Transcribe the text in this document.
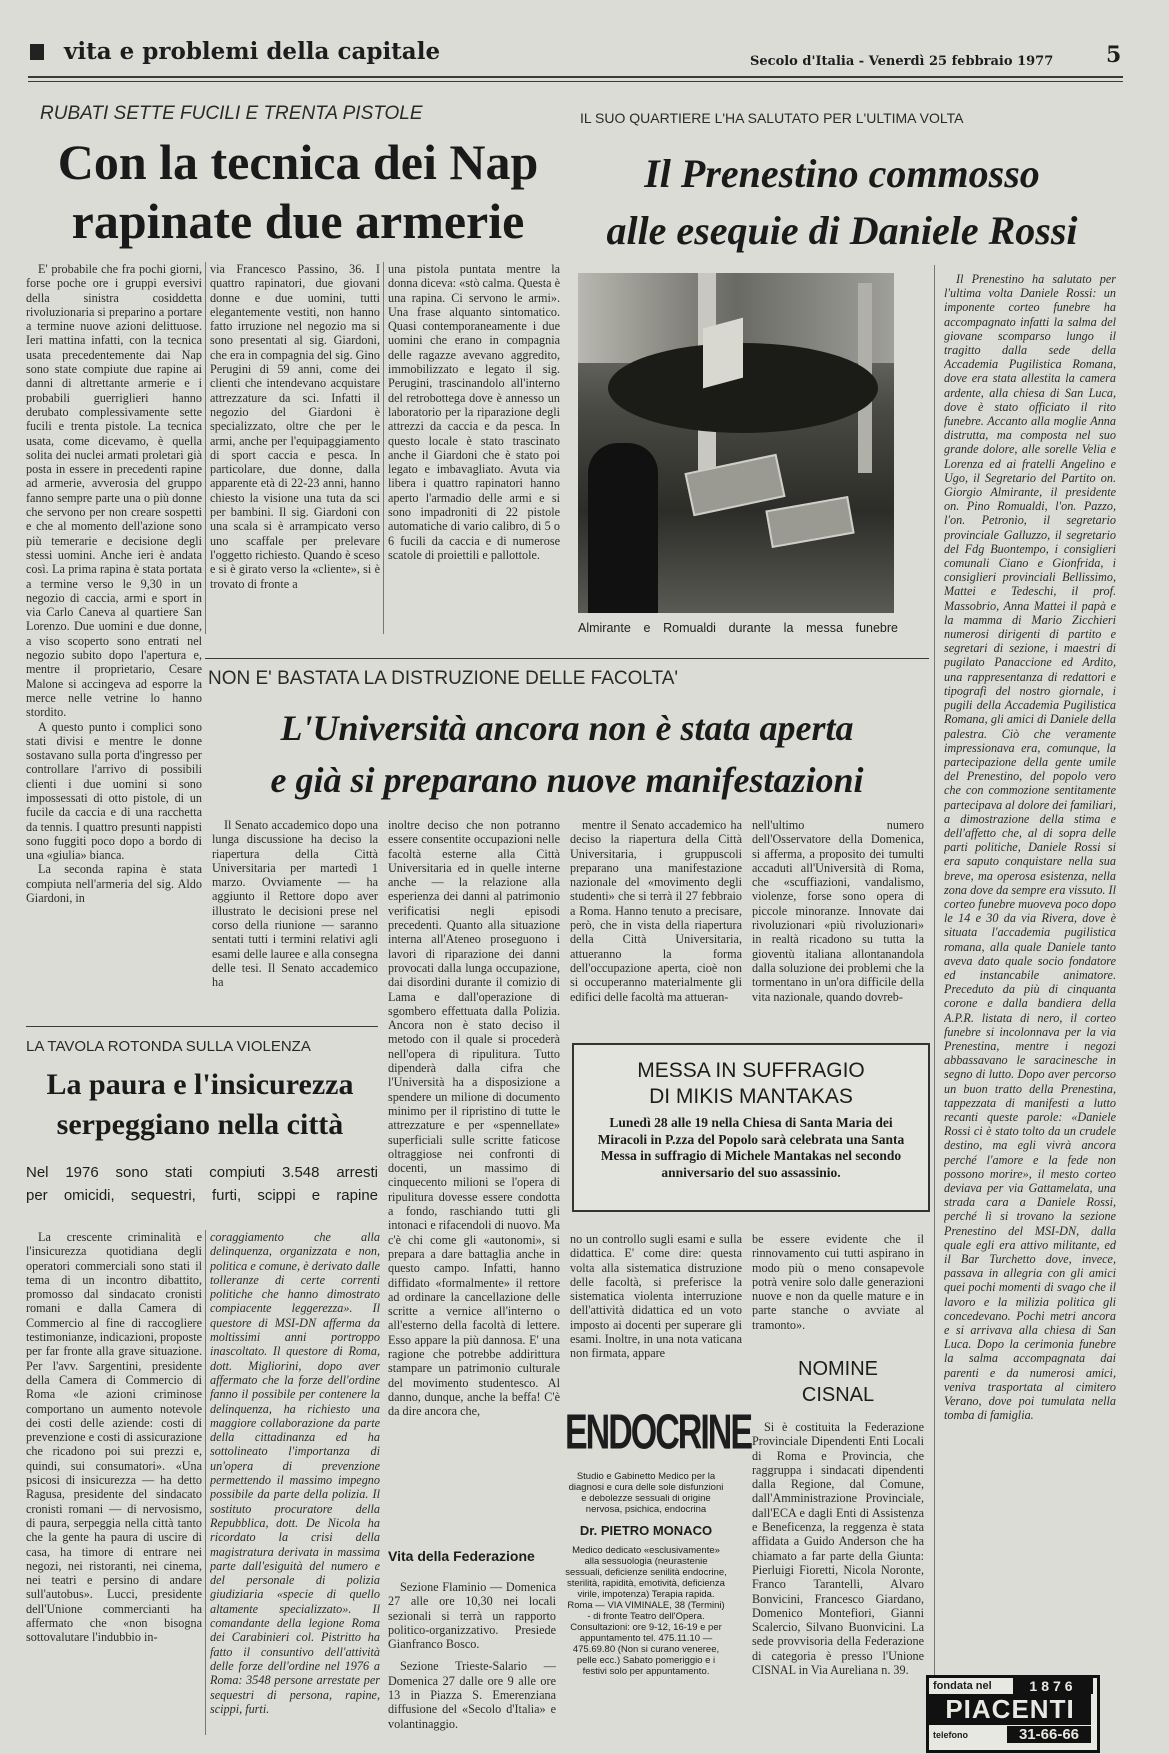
vita e problemi della capitale	Secolo d'Italia - Venerdì 25 febbraio 1977 5
RUBATI SETTE FUCILI E TRENTA PISTOLE
Con la tecnica dei Nap
rapinate due armerie

E' probabile che fra pochi giorni, forse poche ore i gruppi eversivi della sinistra cosiddetta rivoluzionaria si preparino a portare a termine nuove azioni delittuose. Ieri mattina infatti, con la tecnica usata precedentemente dai Nap sono state compiute due rapine ai danni di altrettante armerie e i probabili guerriglieri hanno derubato complessivamente sette fucili e trenta pistole. La tecnica usata, come dicevamo, è quella solita dei nuclei armati proletari già posta in essere in precedenti rapine ad armerie, avverosia del gruppo fanno sempre parte una o più donne che servono per non creare sospetti e che al momento dell'azione sono più temerarie e decisione degli stessi uomini. Anche ieri è andata così. La prima rapina è stata portata a termine verso le 9,30 in un negozio di caccia, armi e sport in via Carlo Caneva al quartiere San Lorenzo. Due uomini e due donne, a viso scoperto sono entrati nel negozio subito dopo l'apertura e, mentre il proprietario, Cesare Malone si accingeva ad esporre la merce nelle vetrine lo hanno stordito.

A questo punto i complici sono stati divisi e mentre le donne sostavano sulla porta d'ingresso per controllare l'arrivo di possibili clienti i due uomini si sono impossessati di otto pistole, di un fucile da caccia e di una racchetta da tennis. I quattro presunti nappisti sono fuggiti poco dopo a bordo di una «giulia» bianca.

La seconda rapina è stata compiuta nell'armeria del sig. Aldo Giardoni, in

via Francesco Passino, 36. I quattro rapinatori, due giovani donne e due uomini, tutti elegantemente vestiti, non hanno fatto irruzione nel negozio ma si sono presentati al sig. Giardoni, che era in compagnia del sig. Gino Perugini di 59 anni, come dei clienti che intendevano acquistare attrezzature da sci. Infatti il negozio del Giardoni è specializzato, oltre che per le armi, anche per l'equipaggiamento di sport caccia e pesca. In particolare, due donne, dalla apparente età di 22-23 anni, hanno chiesto la visione una tuta da sci per bambini. Il sig. Giardoni con una scala si è arrampicato verso uno scaffale per prelevare l'oggetto richiesto. Quando è sceso e si è girato verso la «cliente», si è trovato di fronte a

una pistola puntata mentre la donna diceva: «stò calma. Questa è una rapina. Ci servono le armi». Una frase alquanto sintomatico. Quasi contemporaneamente i due uomini che erano in compagnia delle ragazze avevano aggredito, immobilizzato e legato il sig. Perugini, trascinandolo all'interno del retrobottega dove è annesso un laboratorio per la riparazione degli attrezzi da caccia e da pesca. In questo locale è stato trascinato anche il Giardoni che è stato poi legato e imbavagliato. Avuta via libera i quattro rapinatori hanno aperto l'armadio delle armi e si sono impadroniti di 22 pistole automatiche di vario calibro, di 5 o 6 fucili da caccia e di numerose scatole di proiettili e pallottole.

IL SUO QUARTIERE L'HA SALUTATO PER L'ULTIMA VOLTA
Il Prenestino commosso
alle esequie di Daniele Rossi
Almirante e Romualdi durante la messa funebre

Il Prenestino ha salutato per l'ultima volta Daniele Rossi: un imponente corteo funebre ha accompagnato infatti la salma del giovane scomparso lungo il tragitto dalla sede della Accademia Pugilistica Romana, dove era stata allestita la camera ardente, alla chiesa di San Luca, dove è stato officiato il rito funebre. Accanto alla moglie Anna distrutta, ma composta nel suo grande dolore, alle sorelle Velia e Lorenza ed ai fratelli Angelino e Ugo, il Segretario del Partito on. Giorgio Almirante, il presidente on. Pino Romualdi, l'on. Pazzo, l'on. Petronio, il segretario provinciale Galluzzo, il segretario del Fdg Buontempo, i consiglieri comunali Ciano e Gionfrida, i consiglieri provinciali Bellissimo, Mattei e Tedeschi, il prof. Massobrio, Anna Mattei il papà e la mamma di Mario Zicchieri numerosi dirigenti di partito e segretari di sezione, i maestri di pugilato Panaccione ed Ardito, una rappresentanza di redattori e tipografi del nostro giornale, i pugili della Accademia Pugilistica Romana, gli amici di Daniele della palestra. Ciò che veramente impressionava era, comunque, la partecipazione della gente umile del Prenestino, del popolo vero che con commozione sentitamente partecipava al dolore dei familiari, a dimostrazione della stima e dell'affetto che, al di sopra delle parti politiche, Daniele Rossi si era saputo conquistare nella sua breve, ma operosa esistenza, nella zona dove da sempre era vissuto. Il corteo funebre muoveva poco dopo le 14 e 30 da via Rivera, dove è situata l'accademia pugilistica romana, alla quale Daniele tanto aveva dato quale socio fondatore ed instancabile animatore. Preceduto da più di cinquanta corone e dalla bandiera della A.P.R. listata di nero, il corteo funebre si incolonnava per la via Prenestina, mentre i negozi abbassavano le saracinesche in segno di lutto. Dopo aver percorso un buon tratto della Prenestina, tappezzata di manifesti a lutto recanti queste parole: «Daniele Rossi ci è stato tolto da un crudele destino, ma egli vivrà ancora perché l'amore e la fede non possono morire», il mesto corteo deviava per via Gattamelata, una strada cara a Daniele Rossi, perché lì si trovano la sezione Prenestino del MSI-DN, dalla quale egli era attivo militante, ed il Bar Turchetto dove, invece, passava in allegria con gli amici quei pochi momenti di svago che il lavoro e la milizia politica gli concedevano. Pochi metri ancora e si arrivava alla chiesa di San Luca. Dopo la cerimonia funebre la salma accompagnata dai parenti e da numerosi amici, veniva trasportata al cimitero Verano, dove poi tumulata nella tomba di famiglia.

NON E' BASTATA LA DISTRUZIONE DELLE FACOLTA'
L'Università ancora non è stata aperta
e già si preparano nuove manifestazioni

Il Senato accademico dopo una lunga discussione ha deciso la riapertura della Città Universitaria per martedì 1 marzo. Ovviamente — ha aggiunto il Rettore dopo aver illustrato le decisioni prese nel corso della riunione — saranno sentati tutti i termini relativi agli esami delle lauree e alla consegna delle tesi. Il Senato accademico ha

inoltre deciso che non potranno essere consentite occupazioni nelle facoltà esterne alla Città Universitaria ed in quelle interne anche — la relazione alla esperienza dei danni al patrimonio verificatisi negli episodi precedenti. Quanto alla situazione interna all'Ateneo proseguono i lavori di riparazione dei danni provocati dalla lunga occupazione, dai disordini durante il comizio di Lama e dall'operazione di sgombero effettuata dalla Polizia. Ancora non è stato deciso il metodo con il quale si procederà nell'opera di ripulitura. Tutto dipenderà dalla cifra che l'Università ha a disposizione a spendere un milione di documento minimo per il ripristino di tutte le attrezzature e per «spennellate» superficiali sulle scritte faticose oltraggiose nei confronti di docenti, un massimo di cinquecento milioni se l'opera di ripulitura dovesse essere condotta a fondo, raschiando tutti gli intonaci e rifacendoli di nuovo. Ma c'è chi come gli «autonomi», si prepara a dare battaglia anche in questo campo. Infatti, hanno diffidato «formalmente» il rettore ad ordinare la cancellazione delle scritte a vernice all'interno o all'esterno della facoltà di lettere. Esso appare la più dannosa. E' una ragione che potrebbe addirittura stampare un patrimonio culturale del movimento studentesco. Al danno, dunque, anche la beffa! C'è da dire ancora che,

mentre il Senato accademico ha deciso la riapertura della Città Universitaria, i gruppuscoli preparano una manifestazione nazionale del «movimento degli studenti» che si terrà il 27 febbraio a Roma. Hanno tenuto a precisare, però, che in vista della riapertura della Città Universitaria, attueranno la forma dell'occupazione aperta, cioè non si occuperanno materialmente gli edifici delle facoltà ma attueran-

nell'ultimo numero dell'Osservatore della Domenica, si afferma, a proposito dei tumulti accaduti all'Università di Roma, che «scuffiazioni, vandalismo, violenze, forse sono opera di piccole minoranze. Innovate dai rivoluzionari «più rivoluzionari» in realtà ricadono su tutta la gioventù italiana allontanandola dalla soluzione dei problemi che la tormentano in un'ora difficile della vita nazionale, quando dovreb-

no un controllo sugli esami e sulla didattica. E' come dire: questa volta alla sistematica distruzione delle facoltà, si preferisce la sistematica violenta interruzione dell'attività didattica ed un voto imposto ai docenti per superare gli esami. Inoltre, in una nota vaticana non firmata, appare

be essere evidente che il rinnovamento cui tutti aspirano in modo più o meno consapevole potrà venire solo dalle generazioni nuove e non da quelle mature e in parte stanche o avviate al tramonto».

MESSA IN SUFFRAGIO
DI MIKIS MANTAKAS
Lunedì 28 alle 19 nella Chiesa di Santa Maria dei Miracoli in P.zza del Popolo sarà celebrata una Santa Messa in suffragio di Michele Mantakas nel secondo anniversario del suo assassinio.
LA TAVOLA ROTONDA SULLA VIOLENZA
La paura e l'insicurezza
serpeggiano nella città
Nel 1976 sono stati compiuti 3.548 arresti
per omicidi, sequestri, furti, scippi e rapine

La crescente criminalità e l'insicurezza quotidiana degli operatori commerciali sono stati il tema di un incontro dibattito, promosso dal sindacato cronisti romani e dalla Camera di Commercio al fine di raccogliere testimonianze, indicazioni, proposte per far fronte alla grave situazione. Per l'avv. Sargentini, presidente della Camera di Commercio di Roma «le azioni criminose comportano un aumento notevole dei costi delle aziende: costi di prevenzione e costi di assicurazione che ricadono poi sui prezzi e, quindi, sui consumatori». «Una psicosi di insicurezza — ha detto Ragusa, presidente del sindacato cronisti romani — di nervosismo, di paura, serpeggia nella città tanto che la gente ha paura di uscire di casa, ha timore di entrare nei negozi, nei ristoranti, nei cinema, nei teatri e persino di andare sull'autobus». Lucci, presidente dell'Unione commercianti ha affermato che «non bisogna sottovalutare l'indubbio in-

coraggiamento che alla delinquenza, organizzata e non, politica e comune, è derivato dalle tolleranze di certe correnti politiche che hanno dimostrato compiacente leggerezza». Il questore di MSI-DN afferma da moltissimi anni portroppo inascoltato. Il questore di Roma, dott. Migliorini, dopo aver affermato che la forze dell'ordine fanno il possibile per contenere la delinquenza, ha richiesto una maggiore collaborazione da parte della cittadinanza ed ha sottolineato l'importanza di un'opera di prevenzione permettendo il massimo impegno possibile da parte della polizia. Il sostituto procuratore della Repubblica, dott. De Nicola ha ricordato la crisi della magistratura derivata in massima parte dall'esiguità del numero e del personale di polizia giudiziaria «specie di quello altamente specializzato». Il comandante della legione Roma dei Carabinieri col. Pistritto ha fatto il consuntivo dell'attività delle forze dell'ordine nel 1976 a Roma: 3548 persone arrestate per sequestri di persona, rapine, scippi, furti.

Vita della Federazione

Sezione Flaminio — Domenica 27 alle ore 10,30 nei locali sezionali si terrà un rapporto politico-organizzativo. Presiede Gianfranco Bosco.

Sezione Trieste-Salario — Domenica 27 dalle ore 9 alle ore 13 in Piazza S. Emerenziana diffusione del «Secolo d'Italia» e volantinaggio.

ENDOCRINE
Studio e Gabinetto Medico per la diagnosi e cura delle sole disfunzioni e debolezze sessuali di origine nervosa, psichica, endocrina
Dr. PIETRO MONACO
Medico dedicato «esclusivamente» alla sessuologia (neurastenie sessuali, deficienze senilità endocrine, sterilità, rapidità, emotività, deficienza virile, impotenza) Terapia rapida. Roma — VIA VIMINALE, 38 (Termini) - di fronte Teatro dell'Opera. Consultazioni: ore 9-12, 16-19 e per appuntamento tel. 475.11.10 — 475.69.80 (Non si curano veneree, pelle ecc.) Sabato pomeriggio e i festivi solo per appuntamento.
NOMINE
CISNAL

Si è costituita la Federazione Provinciale Dipendenti Enti Locali di Roma e Provincia, che raggruppa i sindacati dipendenti dalla Regione, dal Comune, dall'Amministrazione Provinciale, dall'ECA e dagli Enti di Assistenza e Beneficenza, la reggenza è stata affidata a Guido Anderson che ha chiamato a far parte della Giunta: Pierluigi Fioretti, Nicola Noronte, Franco Tarantelli, Alvaro Bonvicini, Francesco Giardano, Domenico Montefiori, Gianni Scalercio, Silvano Buonvicini. La sede provvisoria della Federazione di categoria è presso l'Unione CISNAL in Via Aureliana n. 39.

fondata nel	1876
PIACENTI
telefono	31-66-66
